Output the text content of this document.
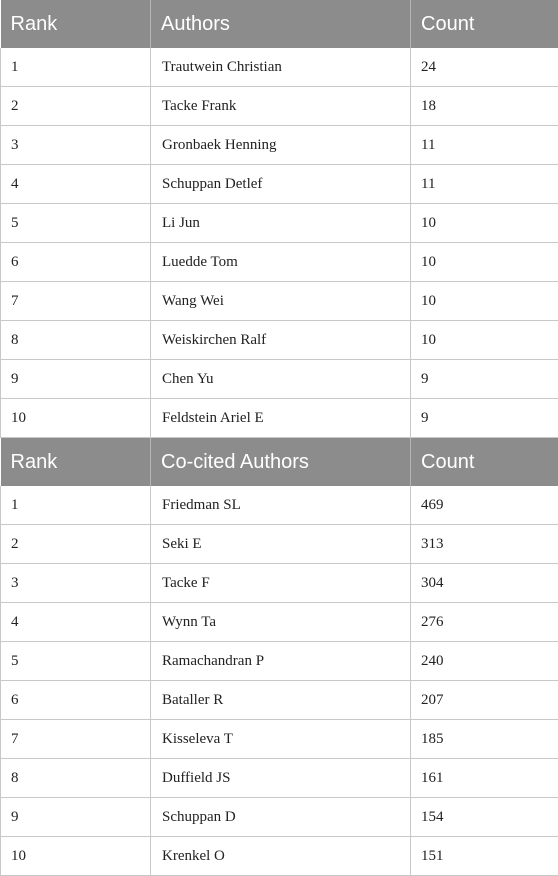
Rank	Authors	Count
1	Trautwein Christian	24
2	Tacke Frank	18
3	Gronbaek Henning	11
4	Schuppan Detlef	11
5	Li Jun	10
6	Luedde Tom	10
7	Wang Wei	10
8	Weiskirchen Ralf	10
9	Chen Yu	9
10	Feldstein Ariel E	9
Rank	Co-cited Authors	Count
1	Friedman SL	469
2	Seki E	313
3	Tacke F	304
4	Wynn Ta	276
5	Ramachandran P	240
6	Bataller R	207
7	Kisseleva T	185
8	Duffield JS	161
9	Schuppan D	154
10	Krenkel O	151
